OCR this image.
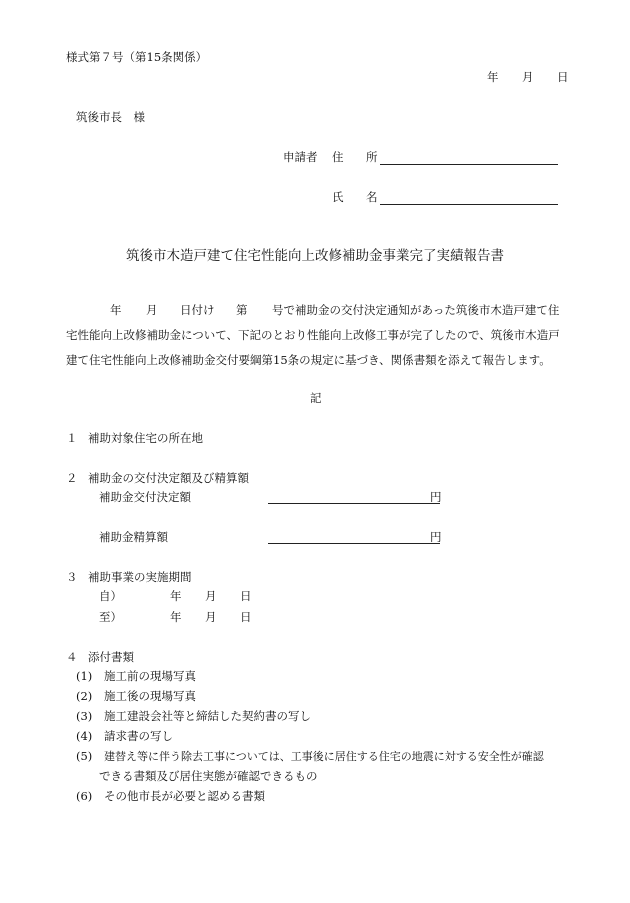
様式第７号（第15条関係）
年 月 日
筑後市長　様
申請者 住 所
氏 名
筑後市木造戸建て住宅性能向上改修補助金事業完了実績報告書
年 月 日付け 第 号で補助金の交付決定通知があった筑後市木造戸建て住
宅性能向上改修補助金について、下記のとおり性能向上改修工事が完了したので、筑後市木造戸
建て住宅性能向上改修補助金交付要綱第15条の規定に基づき、関係書類を添えて報告します。
記
１ 補助対象住宅の所在地
２ 補助金の交付決定額及び精算額
補助金交付決定額	円
補助金精算額	円
３ 補助事業の実施期間
自）	年 月 日
至）	年 月 日
４ 添付書類
(1) 施工前の現場写真
(2) 施工後の現場写真
(3) 施工建設会社等と締結した契約書の写し
(4) 請求書の写し
(5) 建替え等に伴う除去工事については、工事後に居住する住宅の地震に対する安全性が確認
できる書類及び居住実態が確認できるもの
(6) その他市長が必要と認める書類
